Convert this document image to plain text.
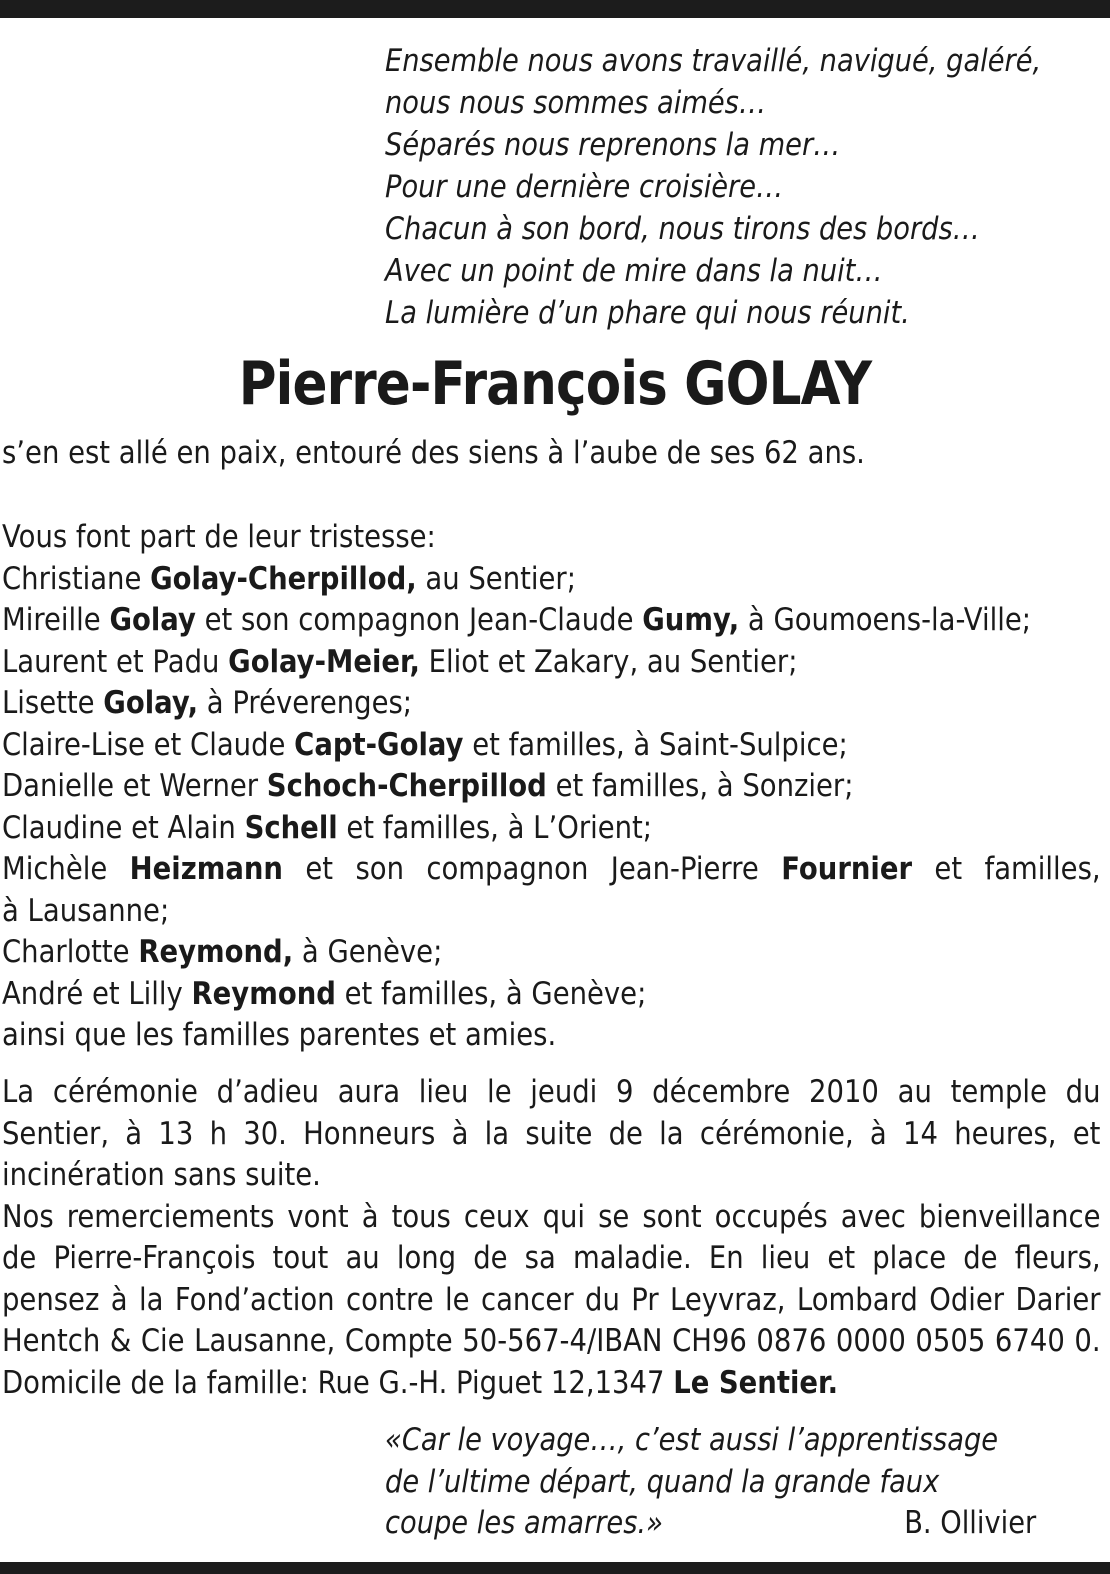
Ensemble nous avons travaillé, navigué, galéré,
nous nous sommes aimés…
Séparés nous reprenons la mer…
Pour une dernière croisière…
Chacun à son bord, nous tirons des bords…
Avec un point de mire dans la nuit…
La lumière d’un phare qui nous réunit.
Pierre-François GOLAY
s’en est allé en paix, entouré des siens à l’aube de ses 62 ans.
Vous font part de leur tristesse:
Christiane Golay-Cherpillod, au Sentier;
Mireille Golay et son compagnon Jean-Claude Gumy, à Goumoens-la-Ville;
Laurent et Padu Golay-Meier, Eliot et Zakary, au Sentier;
Lisette Golay, à Préverenges;
Claire-Lise et Claude Capt-Golay et familles, à Saint-Sulpice;
Danielle et Werner Schoch-Cherpillod et familles, à Sonzier;
Claudine et Alain Schell et familles, à L’Orient;
Michèle Heizmann et son compagnon Jean-Pierre Fournier et familles,
à Lausanne;
Charlotte Reymond, à Genève;
André et Lilly Reymond et familles, à Genève;
ainsi que les familles parentes et amies.
La cérémonie d’adieu aura lieu le jeudi 9 décembre 2010 au temple du
Sentier, à 13 h 30. Honneurs à la suite de la cérémonie, à 14 heures, et
incinération sans suite.
Nos remerciements vont à tous ceux qui se sont occupés avec bienveillance
de Pierre-François tout au long de sa maladie. En lieu et place de fleurs,
pensez à la Fond’action contre le cancer du Pr Leyvraz, Lombard Odier Darier
Hentch & Cie Lausanne, Compte 50-567-4/IBAN CH96 0876 0000 0505 6740 0.
Domicile de la famille: Rue G.-H. Piguet 12,1347 Le Sentier.
«Car le voyage…, c’est aussi l’apprentissage
de l’ultime départ, quand la grande faux
coupe les amarres.»	B. Ollivier
